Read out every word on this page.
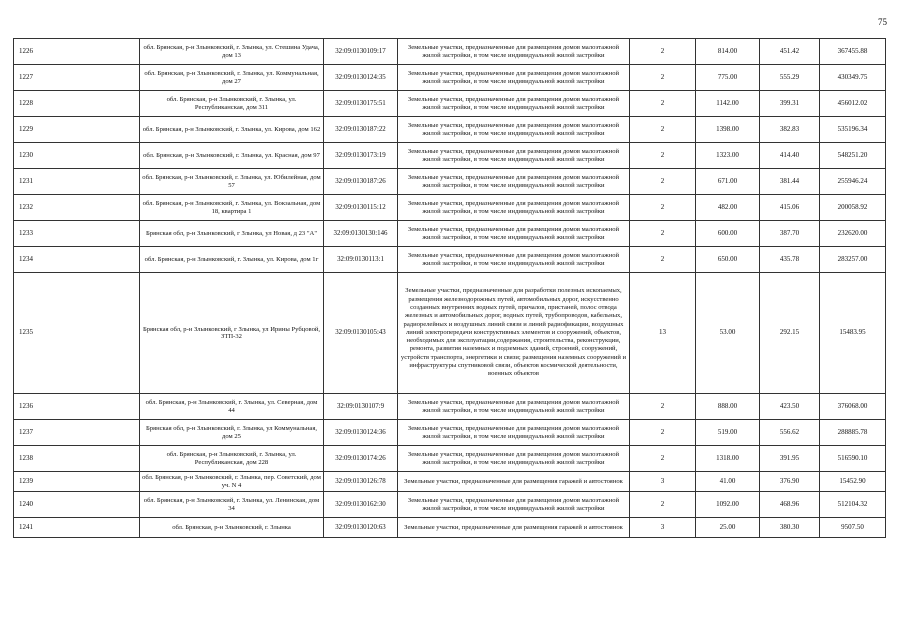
75
1226	обл. Брянская, р-н Злынковский, г. Злынка, ул. Стешина Удача, дом 13	32:09:0130109:17	Земельные участки, предназначенные для размещения домов малоэтажной жилой застройки, в том числе индивидуальной жилой застройки	2	814.00	451.42	367455.88
1227	обл. Брянская, р-н Злынковский, г. Злынка, ул. Коммунальная, дом 27	32:09:0130124:35	Земельные участки, предназначенные для размещения домов малоэтажной жилой застройки, в том числе индивидуальной жилой застройки	2	775.00	555.29	430349.75
1228	обл. Брянская, р-н Злынковский, г. Злынка, ул. Республиканская, дом 311	32:09:0130175:51	Земельные участки, предназначенные для размещения домов малоэтажной жилой застройки, в том числе индивидуальной жилой застройки	2	1142.00	399.31	456012.02
1229	обл. Брянская, р-н Злынковский, г. Злынка, ул. Кирова, дом 162	32:09:0130187:22	Земельные участки, предназначенные для размещения домов малоэтажной жилой застройки, в том числе индивидуальной жилой застройки	2	1398.00	382.83	535196.34
1230	обл. Брянская, р-н Злынковский, г. Злынка, ул. Красная, дом 97	32:09:0130173:19	Земельные участки, предназначенные для размещения домов малоэтажной жилой застройки, в том числе индивидуальной жилой застройки	2	1323.00	414.40	548251.20
1231	обл. Брянская, р-н Злынковский, г. Злынка, ул. Юбилейная, дом 57	32:09:0130187:26	Земельные участки, предназначенные для размещения домов малоэтажной жилой застройки, в том числе индивидуальной жилой застройки	2	671.00	381.44	255946.24
1232	обл. Брянская, р-н Злынковский, г. Злынка, ул. Вокзальная, дом 18, квартира 1	32:09:0130115:12	Земельные участки, предназначенные для размещения домов малоэтажной жилой застройки, в том числе индивидуальной жилой застройки	2	482.00	415.06	200058.92
1233	Брянская обл, р-н Злынковский, г Злынка, ул Новая, д 23 "А"	32:09:0130130:146	Земельные участки, предназначенные для размещения домов малоэтажной жилой застройки, в том числе индивидуальной жилой застройки	2	600.00	387.70	232620.00
1234	обл. Брянская, р-н Злынковский, г. Злынка, ул. Кирова, дом 1г	32:09:0130113:1	Земельные участки, предназначенные для размещения домов малоэтажной жилой застройки, в том числе индивидуальной жилой застройки	2	650.00	435.78	283257.00
1235	Брянская обл, р-н Злынковский, г Злынка, ул Ирины Рубцовой, ЗТП-32	32:09:0130105:43	Земельные участки, предназначенные для разработки полезных ископаемых, размещения железнодорожных путей, автомобильных дорог, искусственно созданных внутренних водных путей, причалов, пристаней, полос отвода железных и автомобильных дорог, водных путей, трубопроводов, кабельных, радиорелейных и воздушных линий связи и линий радиофикации, воздушных линий электропередачи конструктивных элементов и сооружений, объектов, необходимых для эксплуатации,содержания, строительства, реконструкции, ремонта, развития наземных и подземных зданий, строений, сооружений, устройств транспорта, энергетики и связи; размещения наземных сооружений и инфраструктуры спутниковой связи, объектов космической деятельности, военных объектов	13	53.00	292.15	15483.95
1236	обл. Брянская, р-н Злынковский, г. Злынка, ул. Северная, дом 44	32:09:0130107:9	Земельные участки, предназначенные для размещения домов малоэтажной жилой застройки, в том числе индивидуальной жилой застройки	2	888.00	423.50	376068.00
1237	Брянская обл, р-н Злынковский, г. Злынка, ул Коммунальная, дом 25	32:09:0130124:36	Земельные участки, предназначенные для размещения домов малоэтажной жилой застройки, в том числе индивидуальной жилой застройки	2	519.00	556.62	288885.78
1238	обл. Брянская, р-н Злынковский, г. Злынка, ул. Республиканская, дом 228	32:09:0130174:26	Земельные участки, предназначенные для размещения домов малоэтажной жилой застройки, в том числе индивидуальной жилой застройки	2	1318.00	391.95	516590.10
1239	обл. Брянская, р-н Злынковский, г. Злынка, пер. Советский, дом уч. N 4	32:09:0130126:78	Земельные участки, предназначенные для размещения гаражей и автостоянок	3	41.00	376.90	15452.90
1240	обл. Брянская, р-н Злынковский, г. Злынка, ул. Ленинская, дом 34	32:09:0130162:30	Земельные участки, предназначенные для размещения домов малоэтажной жилой застройки, в том числе индивидуальной жилой застройки	2	1092.00	468.96	512104.32
1241	обл. Брянская, р-н Злынковский, г. Злынка	32:09:0130120:63	Земельные участки, предназначенные для размещения гаражей и автостоянок	3	25.00	380.30	9507.50
